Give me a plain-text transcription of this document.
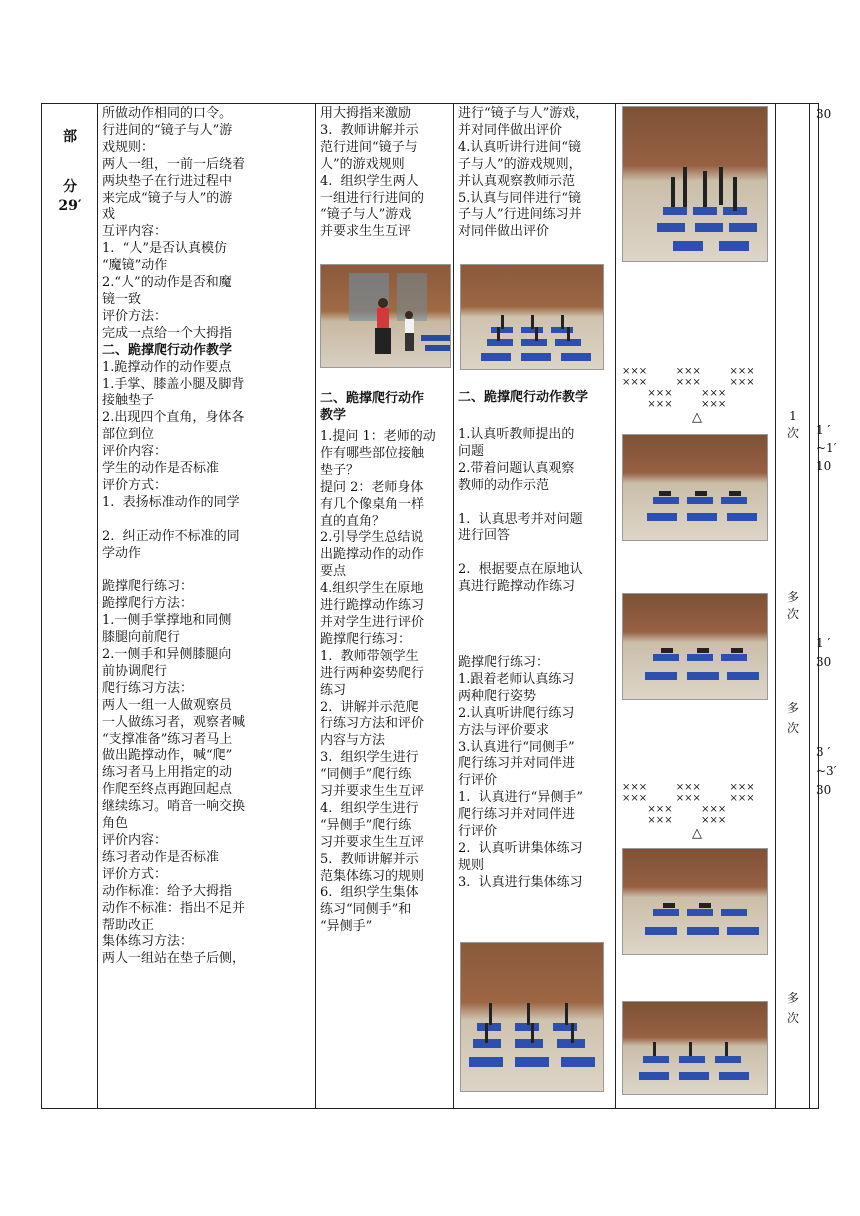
部
分
29′
所做动作相同的口令。
行进间的“镜子与人”游
戏规则：
两人一组，一前一后绕着
两块垫子在行进过程中
来完成“镜子与人”的游
戏
互评内容：
1.  “人”是否认真模仿
“魔镜”动作
2.“人”的动作是否和魔
镜一致
评价方法：
完成一点给一个大拇指
二、跪撑爬行动作教学
1.跪撑动作的动作要点
1.手掌、膝盖小腿及脚背
接触垫子
2.出现四个直角，身体各
部位到位
评价内容：
学生的动作是否标准
评价方式：
1.  表扬标准动作的同学

2.  纠正动作不标准的同
学动作

跪撑爬行练习：
跪撑爬行方法：
1.一侧手掌撑地和同侧
膝腿向前爬行
2.一侧手和异侧膝腿向
前协调爬行
爬行练习方法：
两人一组一人做观察员
一人做练习者，观察者喊
“支撑准备”练习者马上
做出跪撑动作，喊“爬”
练习者马上用指定的动
作爬至终点再跑回起点
继续练习。哨音一响交换
角色
评价内容：
练习者动作是否标准
评价方式：
动作标准：给予大拇指
动作不标准：指出不足并
帮助改正
集体练习方法：
两人一组站在垫子后侧，
用大拇指来激励
3.  教师讲解并示
范行进间“镜子与
人”的游戏规则
4.  组织学生两人
一组进行行进间的
“镜子与人”游戏
并要求生生互评
二、跪撑爬行动作
教学
1.提问 1：老师的动
作有哪些部位接触
垫子？
提问 2：老师身体
有几个像桌角一样
直的直角？
2.引导学生总结说
出跪撑动作的动作
要点
4.组织学生在原地
进行跪撑动作练习
并对学生进行评价
跪撑爬行练习：
1.  教师带领学生
进行两种姿势爬行
练习
2.  讲解并示范爬
行练习方法和评价
内容与方法
3.  组织学生进行
“同侧手”爬行练
习并要求生生互评
4.  组织学生进行
“异侧手”爬行练
习并要求生生互评
5.  教师讲解并示
范集体练习的规则
6.  组织学生集体
练习“同侧手”和
“异侧手”
进行“镜子与人”游戏，
并对同伴做出评价
4.认真听讲行进间“镜
子与人”的游戏规则，
并认真观察教师示范
5.认真与同伴进行“镜
子与人”行进间练习并
对同伴做出评价
二、跪撑爬行动作教学
1.认真听教师提出的
问题
2.带着问题认真观察
教师的动作示范

1.  认真思考并对问题
进行回答

2.  根据要点在原地认
真进行跪撑动作练习
跪撑爬行练习：
1.跟着老师认真练习
两种爬行姿势
2.认真听讲爬行练习
方法与评价要求
3.认真进行“同侧手”
爬行练习并对同伴进
行评价
1.  认真进行“异侧手”
爬行练习并对同伴进
行评价
2.  认真听讲集体练习
规则
3.  认真进行集体练习
×××         ×××         ×××
×××         ×××         ×××
×××         ×××
×××         ×××
△
×××         ×××         ×××
×××         ×××         ×××
×××         ×××
×××         ×××
△
1
次
多
次
多
次
多
次
30
1 ′
~1′
10
1 ′
30
3 ′
~3′
30
